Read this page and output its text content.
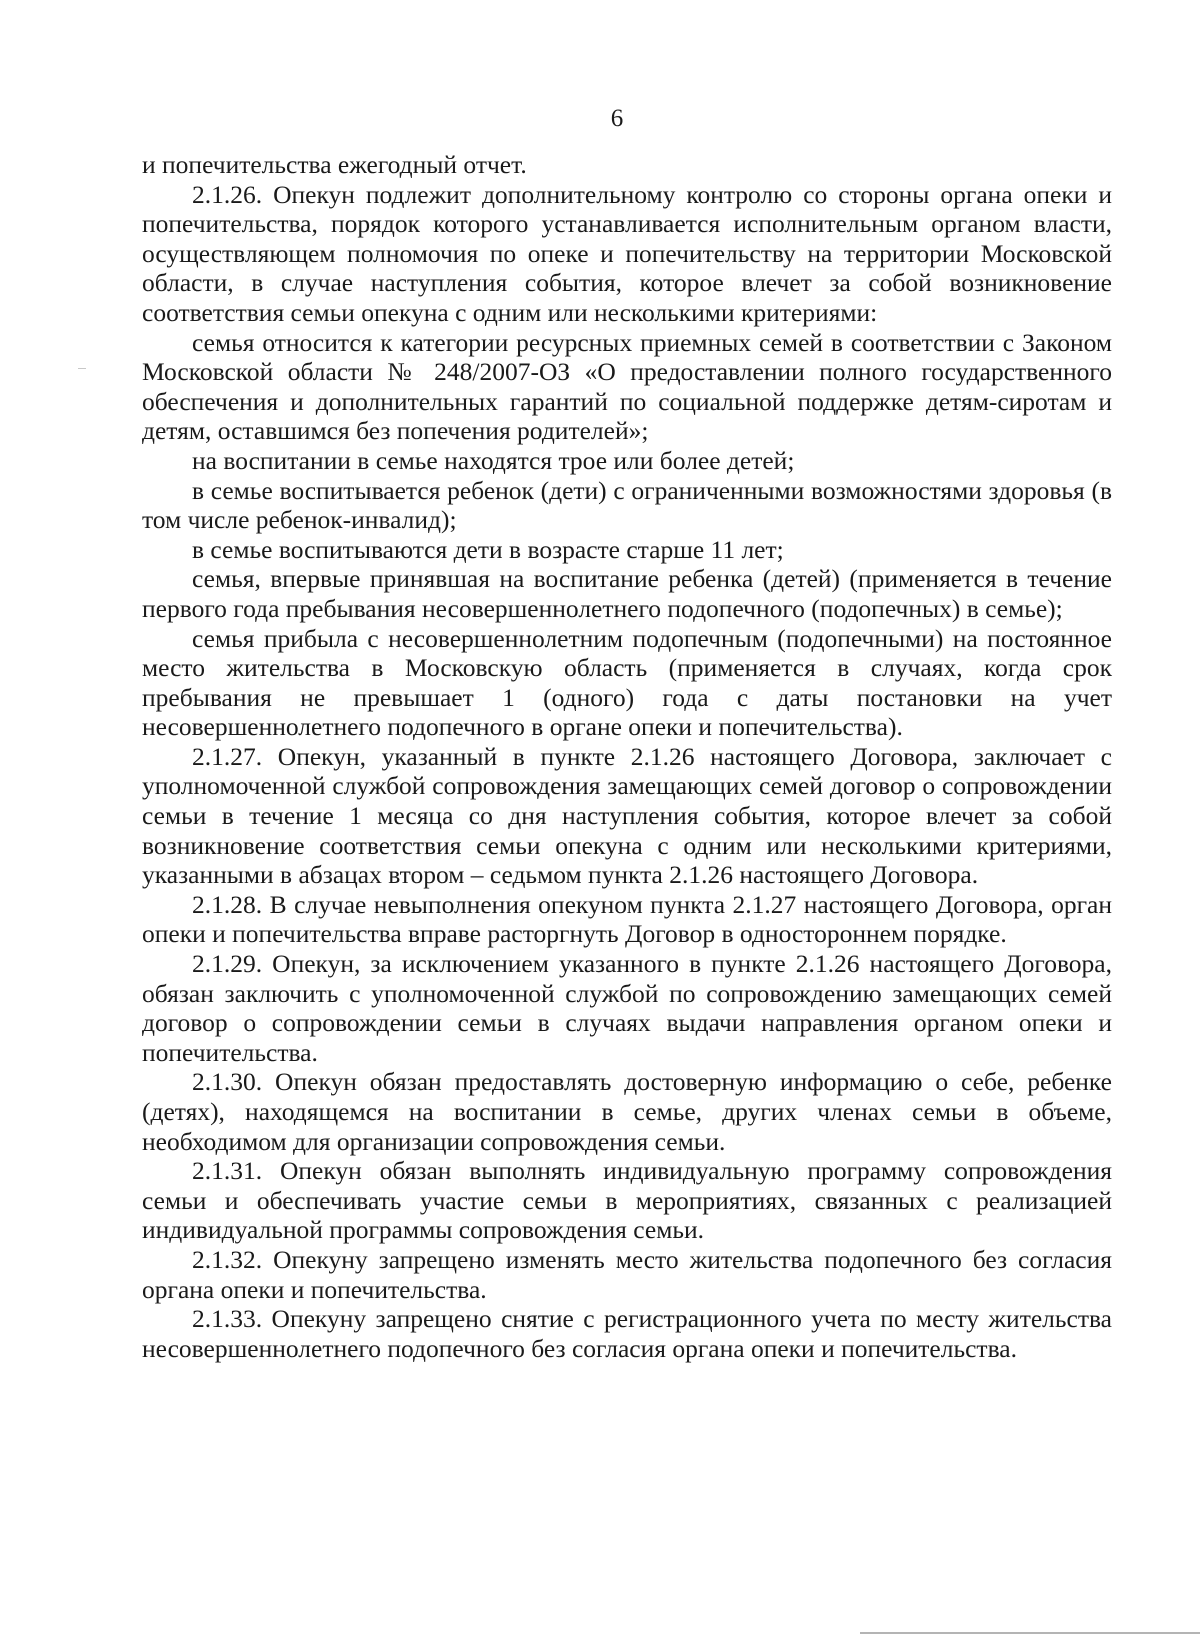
6

и попечительства ежегодный отчет.

2.1.26. Опекун подлежит дополнительному контролю со стороны органа опеки и попечительства, порядок которого устанавливается исполнительным органом власти, осуществляющем полномочия по опеке и попечительству на территории Московской области, в случае наступления события, которое влечет за собой возникновение соответствия семьи опекуна с одним или несколькими критериями:

семья относится к категории ресурсных приемных семей в соответствии с Законом Московской области № 248/2007-ОЗ «О предоставлении полного государственного обеспечения и дополнительных гарантий по социальной поддержке детям-сиротам и детям, оставшимся без попечения родителей»;

на воспитании в семье находятся трое или более детей;

в семье воспитывается ребенок (дети) с ограниченными возможностями здоровья (в том числе ребенок-инвалид);

в семье воспитываются дети в возрасте старше 11 лет;

семья, впервые принявшая на воспитание ребенка (детей) (применяется в течение первого года пребывания несовершеннолетнего подопечного (подопечных) в семье);

семья прибыла с несовершеннолетним подопечным (подопечными) на постоянное место жительства в Московскую область (применяется в случаях, когда срок пребывания не превышает 1 (одного) года с даты постановки на учет несовершеннолетнего подопечного в органе опеки и попечительства).

2.1.27. Опекун, указанный в пункте 2.1.26 настоящего Договора, заключает с уполномоченной службой сопровождения замещающих семей договор о сопровождении семьи в течение 1 месяца со дня наступления события, которое влечет за собой возникновение соответствия семьи опекуна с одним или несколькими критериями, указанными в абзацах втором – седьмом пункта 2.1.26 настоящего Договора.

2.1.28. В случае невыполнения опекуном пункта 2.1.27 настоящего Договора, орган опеки и попечительства вправе расторгнуть Договор в одностороннем порядке.

2.1.29. Опекун, за исключением указанного в пункте 2.1.26 настоящего Договора, обязан заключить с уполномоченной службой по сопровождению замещающих семей договор о сопровождении семьи в случаях выдачи направления органом опеки и попечительства.

2.1.30. Опекун обязан предоставлять достоверную информацию о себе, ребенке (детях), находящемся на воспитании в семье, других членах семьи в объеме, необходимом для организации сопровождения семьи.

2.1.31. Опекун обязан выполнять индивидуальную программу сопровождения семьи и обеспечивать участие семьи в мероприятиях, связанных с реализацией индивидуальной программы сопровождения семьи.

2.1.32. Опекуну запрещено изменять место жительства подопечного без согласия органа опеки и попечительства.

2.1.33. Опекуну запрещено снятие с регистрационного учета по месту жительства несовершеннолетнего подопечного без согласия органа опеки и попечительства.
